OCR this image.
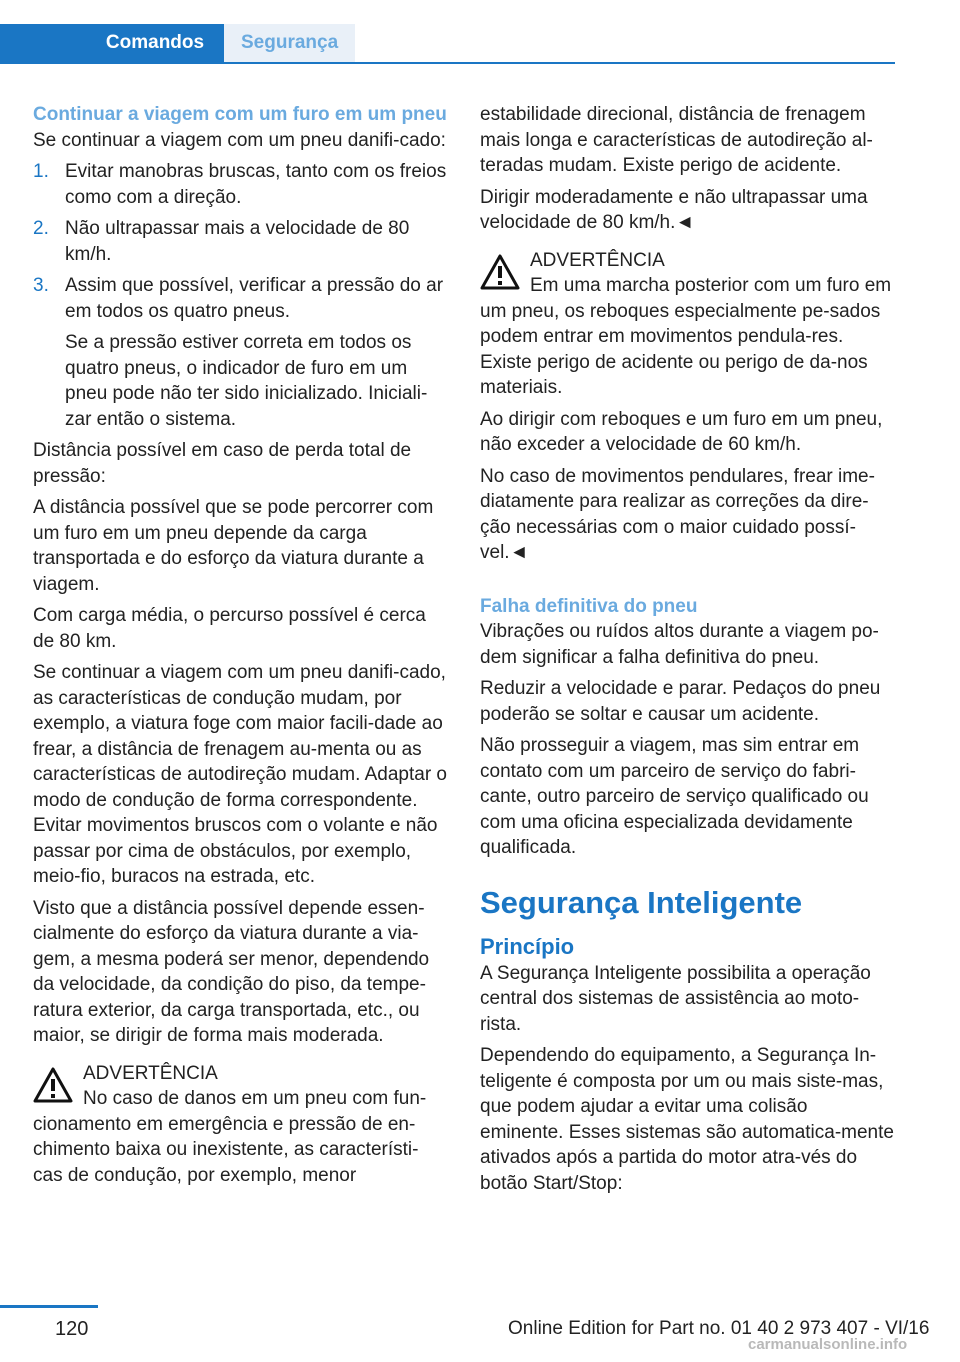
Comandos	Segurança
Continuar a viagem com um furo em um pneu

Se continuar a viagem com um pneu danifi-cado:

1. Evitar manobras bruscas, tanto com os freios como com a direção.
2. Não ultrapassar mais a velocidade de 80 km/h.
3. Assim que possível, verificar a pressão do ar em todos os quatro pneus.
Se a pressão estiver correta em todos os quatro pneus, o indicador de furo em um pneu pode não ter sido inicializado. Iniciali-zar então o sistema.

Distância possível em caso de perda total de pressão:

A distância possível que se pode percorrer com um furo em um pneu depende da carga transportada e do esforço da viatura durante a viagem.

Com carga média, o percurso possível é cerca de 80 km.

Se continuar a viagem com um pneu danifi-cado, as características de condução mudam, por exemplo, a viatura foge com maior facili-dade ao frear, a distância de frenagem au-menta ou as características de autodireção mudam. Adaptar o modo de condução de forma correspondente. Evitar movimentos bruscos com o volante e não passar por cima de obstáculos, por exemplo, meio-fio, buracos na estrada, etc.

Visto que a distância possível depende essen-cialmente do esforço da viatura durante a via-gem, a mesma poderá ser menor, dependendo da velocidade, da condição do piso, da tempe-ratura exterior, da carga transportada, etc., ou maior, se dirigir de forma mais moderada.

ADVERTÊNCIA

No caso de danos em um pneu com fun-cionamento em emergência e pressão de en-chimento baixa ou inexistente, as característi-cas de condução, por exemplo, menor

estabilidade direcional, distância de frenagem mais longa e características de autodireção al-teradas mudam. Existe perigo de acidente.

Dirigir moderadamente e não ultrapassar uma velocidade de 80 km/h.◄

ADVERTÊNCIA

Em uma marcha posterior com um furo em um pneu, os reboques especialmente pe-sados podem entrar em movimentos pendula-res. Existe perigo de acidente ou perigo de da-nos materiais.

Ao dirigir com reboques e um furo em um pneu, não exceder a velocidade de 60 km/h.

No caso de movimentos pendulares, frear ime-diatamente para realizar as correções da dire-ção necessárias com o maior cuidado possí-vel.◄

Falha definitiva do pneu

Vibrações ou ruídos altos durante a viagem po-dem significar a falha definitiva do pneu.

Reduzir a velocidade e parar. Pedaços do pneu poderão se soltar e causar um acidente.

Não prosseguir a viagem, mas sim entrar em contato com um parceiro de serviço do fabri-cante, outro parceiro de serviço qualificado ou com uma oficina especializada devidamente qualificada.

Segurança Inteligente
Princípio

A Segurança Inteligente possibilita a operação central dos sistemas de assistência ao moto-rista.

Dependendo do equipamento, a Segurança In-teligente é composta por um ou mais siste-mas, que podem ajudar a evitar uma colisão eminente. Esses sistemas são automatica-mente ativados após a partida do motor atra-vés do botão Start/Stop:

120	Online Edition for Part no. 01 40 2 973 407 - VI/16
carmanualsonline.info
